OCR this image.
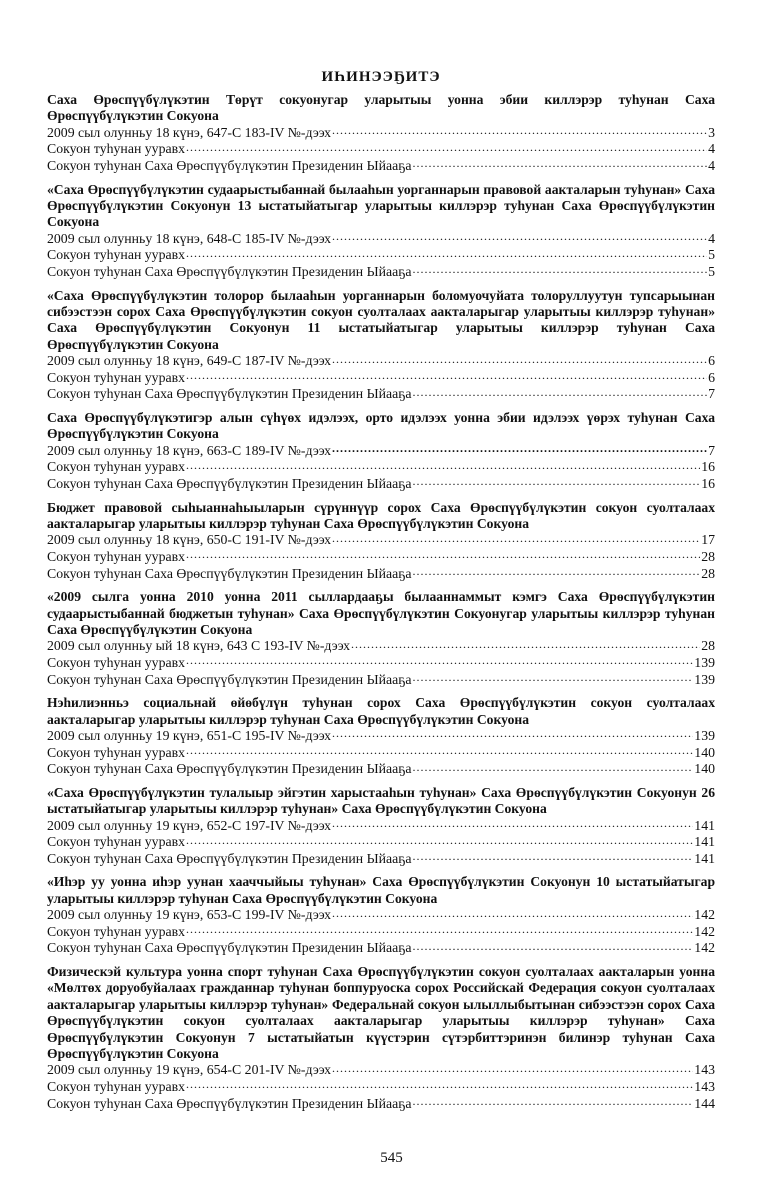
ИҺИНЭЭҔИТЭ

Саха Өрөспүүбүлүкэтин Төрүт сокуонугар уларытыы уонна эбии киллэрэр туһунан Саха Өрөспүүбүлүкэтин Сокуона

2009 сыл олунньу 18 күнэ, 647-С 183-IV №-дээх .....	3
Сокуон туһунан ууравх .....	4
Сокуон туһунан Саха Өрөспүүбүлүкэтин Президенин Ыйааҕа .....	4

«Саха Өрөспүүбүлүкэтин судаарыстыбаннай былааһын уорганнарын правовой аакталарын туһунан» Саха Өрөспүүбүлүкэтин Сокуонун 13 ыстатыйатыгар уларытыы киллэрэр туһунан Саха Өрөспүүбүлүкэтин Сокуона

2009 сыл олунньу 18 күнэ, 648-С 185-IV №-дээх .....	4
Сокуон туһунан ууравх .....	5
Сокуон туһунан Саха Өрөспүүбүлүкэтин Президенин Ыйааҕа .....	5

«Саха Өрөспүүбүлүкэтин толорор былааһын уорганнарын боломуочуйата толоруллуутун тупсарыынан сибээстээн сорох Саха Өрөспүүбүлүкэтин сокуон суолталаах аакталарыгар уларытыы киллэрэр туһунан» Саха Өрөспүүбүлүкэтин Сокуонун 11 ыстатыйатыгар уларытыы киллэрэр туһунан Саха Өрөспүүбүлүкэтин Сокуона

2009 сыл олунньу 18 күнэ, 649-С 187-IV №-дээх .....	6
Сокуон туһунан ууравх .....	6
Сокуон туһунан Саха Өрөспүүбүлүкэтин Президенин Ыйааҕа .....	7

Саха Өрөспүүбүлүкэтигэр алын сүһүөх идэлээх, орто идэлээх уонна эбии идэлээх үөрэх туһунан Саха Өрөспүүбүлүкэтин Сокуона

2009 сыл олунньу 18 күнэ, 663-С 189-IV №-дээх .....	7
Сокуон туһунан ууравх .....	16
Сокуон туһунан Саха Өрөспүүбүлүкэтин Президенин Ыйааҕа .....	16

Бюджет правовой сыһыаннаһыыларын сүрүннүүр сорох Саха Өрөспүүбүлүкэтин сокуон суолталаах аакталарыгар уларытыы киллэрэр туһунан Саха Өрөспүүбүлүкэтин Сокуона

2009 сыл олунньу 18 күнэ, 650-С 191-IV №-дээх .....	17
Сокуон туһунан ууравх .....	28
Сокуон туһунан Саха Өрөспүүбүлүкэтин Президенин Ыйааҕа .....	28

«2009 сылга уонна 2010 уонна 2011 сыллардааҕы былааннаммыт кэмгэ Саха Өрөспүүбүлүкэтин судаарыстыбаннай бюджетын туһунан» Саха Өрөспүүбүлүкэтин Сокуонугар уларытыы киллэрэр туһунан Саха Өрөспүүбүлүкэтин Сокуона

2009 сыл олунньу ый 18 күнэ, 643 С 193-IV №-дээх .....	28
Сокуон туһунан ууравх .....	139
Сокуон туһунан Саха Өрөспүүбүлүкэтин Президенин Ыйааҕа .....	139

Нэһилиэнньэ социальнай өйөбүлүн туһунан сорох Саха Өрөспүүбүлүкэтин сокуон суолталаах аакталарыгар уларытыы киллэрэр туһунан Саха Өрөспүүбүлүкэтин Сокуона

2009 сыл олунньу 19 күнэ, 651-С 195-IV №-дээх .....	139
Сокуон туһунан ууравх .....	140
Сокуон туһунан Саха Өрөспүүбүлүкэтин Президенин Ыйааҕа .....	140

«Саха Өрөспүүбүлүкэтин тулалыыр эйгэтин харыстааһын туһунан» Саха Өрөспүүбүлүкэтин Сокуонун 26 ыстатыйатыгар уларытыы киллэрэр туһунан» Саха Өрөспүүбүлүкэтин Сокуона

2009 сыл олунньу 19 күнэ, 652-С 197-IV №-дээх .....	141
Сокуон туһунан ууравх .....	141
Сокуон туһунан Саха Өрөспүүбүлүкэтин Президенин Ыйааҕа .....	141

«Иһэр уу уонна иһэр уунан хааччыйыы туһунан» Саха Өрөспүүбүлүкэтин Сокуонун 10 ыстатыйатыгар уларытыы киллэрэр туһунан Саха Өрөспүүбүлүкэтин Сокуона

2009 сыл олунньу 19 күнэ, 653-С 199-IV №-дээх .....	142
Сокуон туһунан ууравх .....	142
Сокуон туһунан Саха Өрөспүүбүлүкэтин Президенин Ыйааҕа .....	142

Физическэй культура уонна спорт туһунан Саха Өрөспүүбүлүкэтин сокуон суолталаах аакталарын уонна «Мөлтөх доруобуйалаах гражданнар туһунан боппуруоска сорох Российскай Федерация сокуон суолталаах аакталарыгар уларытыы киллэрэр туһунан» Федеральнай сокуон ылыллыбытынан сибээстээн сорох Саха Өрөспүүбүлүкэтин сокуон суолталаах аакталарыгар уларытыы киллэрэр туһунан» Саха Өрөспүүбүлүкэтин Сокуонун 7 ыстатыйатын күүстэрин сүтэрбиттэринэн билинэр туһунан Саха Өрөспүүбүлүкэтин Сокуона

2009 сыл олунньу 19 күнэ, 654-С 201-IV №-дээх .....	143
Сокуон туһунан ууравх .....	143
Сокуон туһунан Саха Өрөспүүбүлүкэтин Президенин Ыйааҕа .....	144
545
